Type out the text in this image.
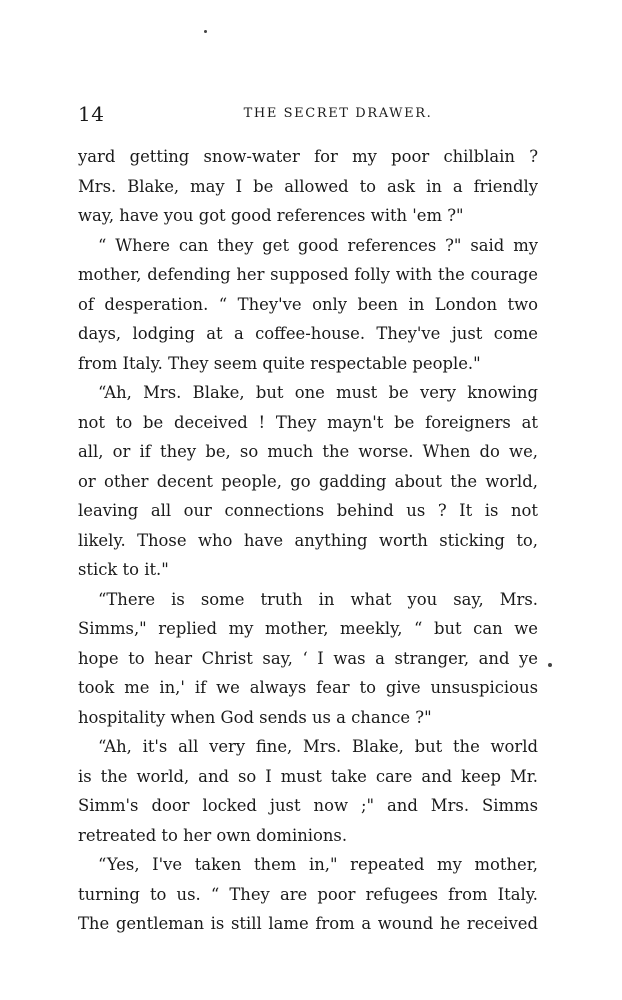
14	THE SECRET DRAWER.
yard getting snow-water for my poor chilblain ?
Mrs. Blake, may I be allowed to ask in a friendly
way, have you got good references with 'em ?"
“ Where can they get good references ?" said my
mother, defending her supposed folly with the courage
of desperation. “ They've only been in London two
days, lodging at a coffee-house. They've just come
from Italy. They seem quite respectable people."
“Ah, Mrs. Blake, but one must be very knowing
not to be deceived ! They mayn't be foreigners at
all, or if they be, so much the worse. When do we,
or other decent people, go gadding about the world,
leaving all our connections behind us ? It is not
likely. Those who have anything worth sticking to,
stick to it."
“There is some truth in what you say, Mrs.
Simms," replied my mother, meekly, “ but can we
hope to hear Christ say, ‘ I was a stranger, and ye
took me in,' if we always fear to give unsuspicious
hospitality when God sends us a chance ?"
“Ah, it's all very fine, Mrs. Blake, but the world
is the world, and so I must take care and keep Mr.
Simm's door locked just now ;" and Mrs. Simms
retreated to her own dominions.
“Yes, I've taken them in," repeated my mother,
turning to us. “ They are poor refugees from Italy.
The gentleman is still lame from a wound he received
